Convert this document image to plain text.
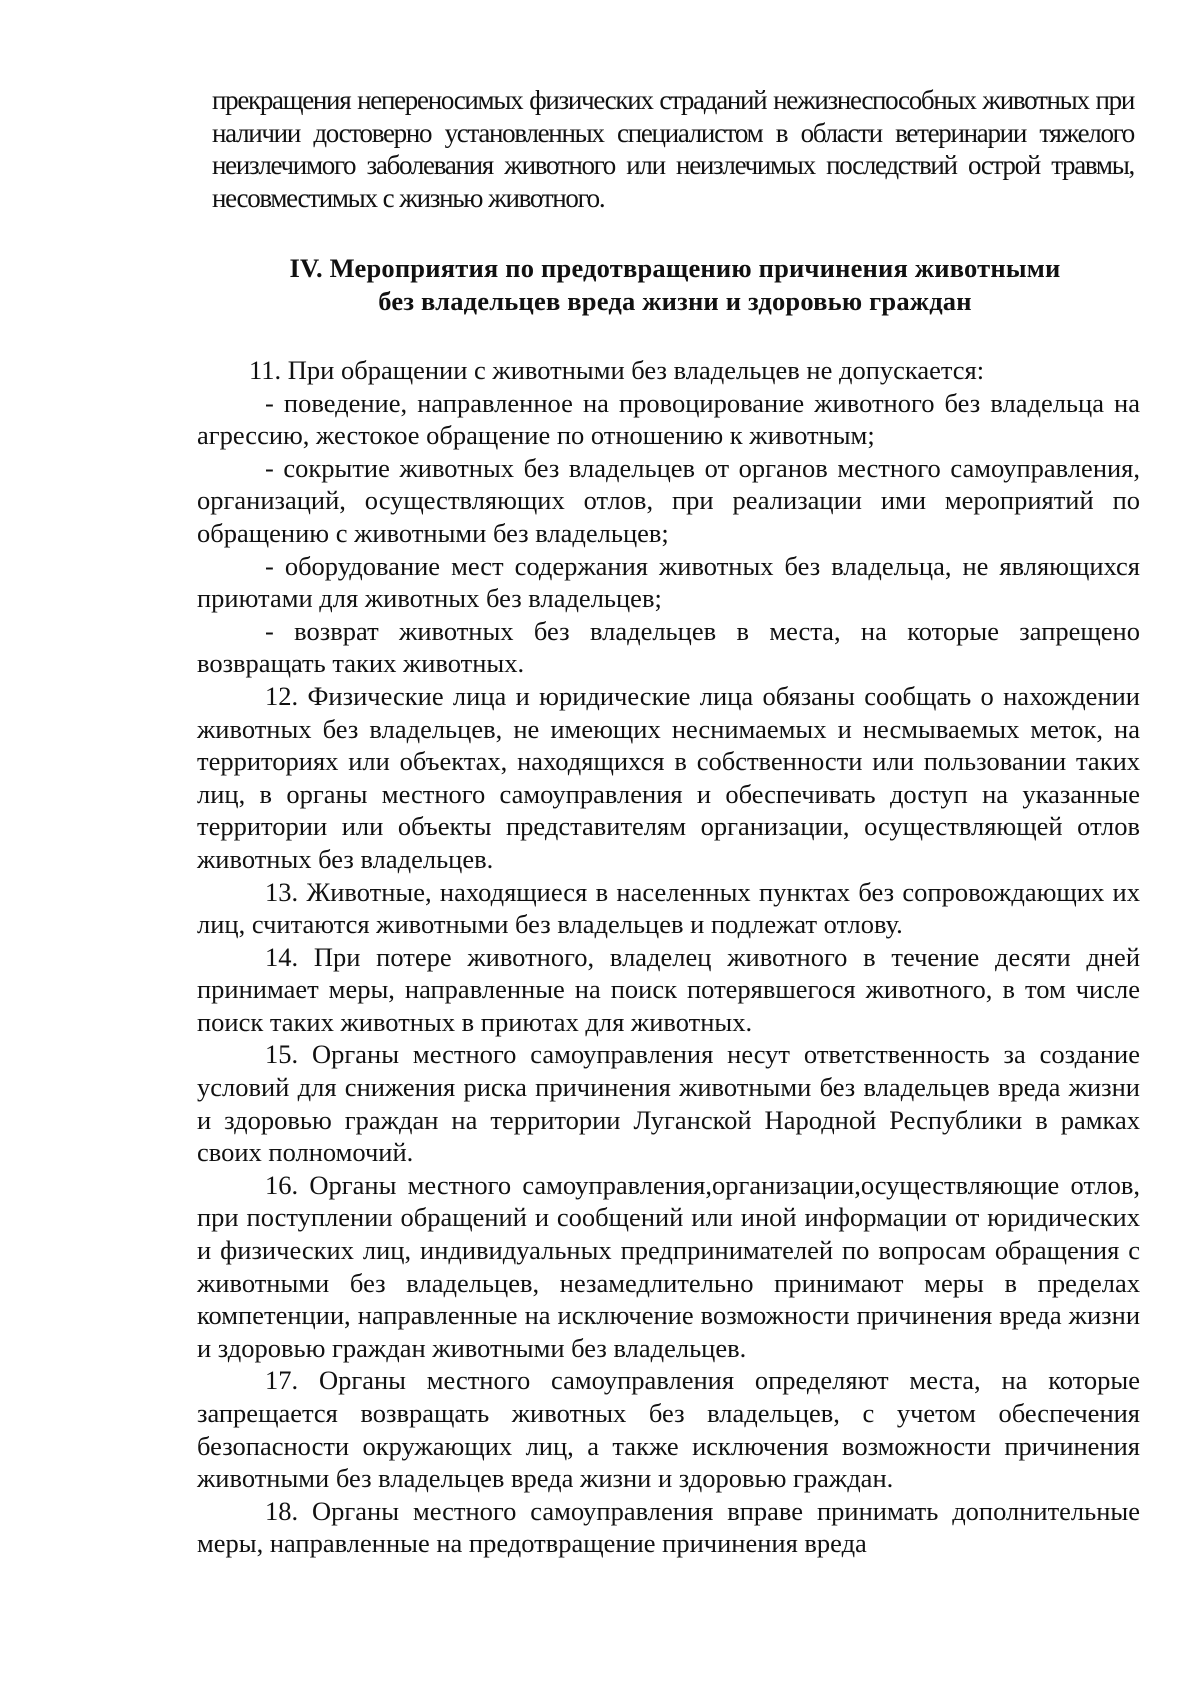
прекращения непереносимых физических страданий нежизнеспособных животных при наличии достоверно установленных специалистом в области ветеринарии тяжелого неизлечимого заболевания животного или неизлечимых последствий острой травмы, несовместимых с жизнью животного.
IV. Мероприятия по предотвращению причинения животными
без владельцев вреда жизни и здоровью граждан

11. При обращении с животными без владельцев не допускается:

- поведение, направленное на провоцирование животного без владельца на агрессию, жестокое обращение по отношению к животным;

- сокрытие животных без владельцев от органов местного самоуправления, организаций, осуществляющих отлов, при реализации ими мероприятий по обращению с животными без владельцев;

- оборудование мест содержания животных без владельца, не являющихся приютами для животных без владельцев;

- возврат животных без владельцев в места, на которые запрещено возвращать таких животных.

12. Физические лица и юридические лица обязаны сообщать о нахождении животных без владельцев, не имеющих неснимаемых и несмываемых меток, на территориях или объектах, находящихся в собственности или пользовании таких лиц, в органы местного самоуправления и обеспечивать доступ на указанные территории или объекты представителям организации, осуществляющей отлов животных без владельцев.

13. Животные, находящиеся в населенных пунктах без сопровождающих их лиц, считаются животными без владельцев и подлежат отлову.

14. При потере животного, владелец животного в течение десяти дней принимает меры, направленные на поиск потерявшегося животного, в том числе поиск таких животных в приютах для животных.

15. Органы местного самоуправления несут ответственность за создание условий для снижения риска причинения животными без владельцев вреда жизни и здоровью граждан на территории Луганской Народной Республики в рамках своих полномочий.

16. Органы местного самоуправления,организации,осуществляющие отлов, при поступлении обращений и сообщений или иной информации от юридических и физических лиц, индивидуальных предпринимателей по вопросам обращения с животными без владельцев, незамедлительно принимают меры в пределах компетенции, направленные на исключение возможности причинения вреда жизни и здоровью граждан животными без владельцев.

17. Органы местного самоуправления определяют места, на которые запрещается возвращать животных без владельцев, с учетом обеспечения безопасности окружающих лиц, а также исключения возможности причинения животными без владельцев вреда жизни и здоровью граждан.

18. Органы местного самоуправления вправе принимать дополнительные меры, направленные на предотвращение причинения вреда
